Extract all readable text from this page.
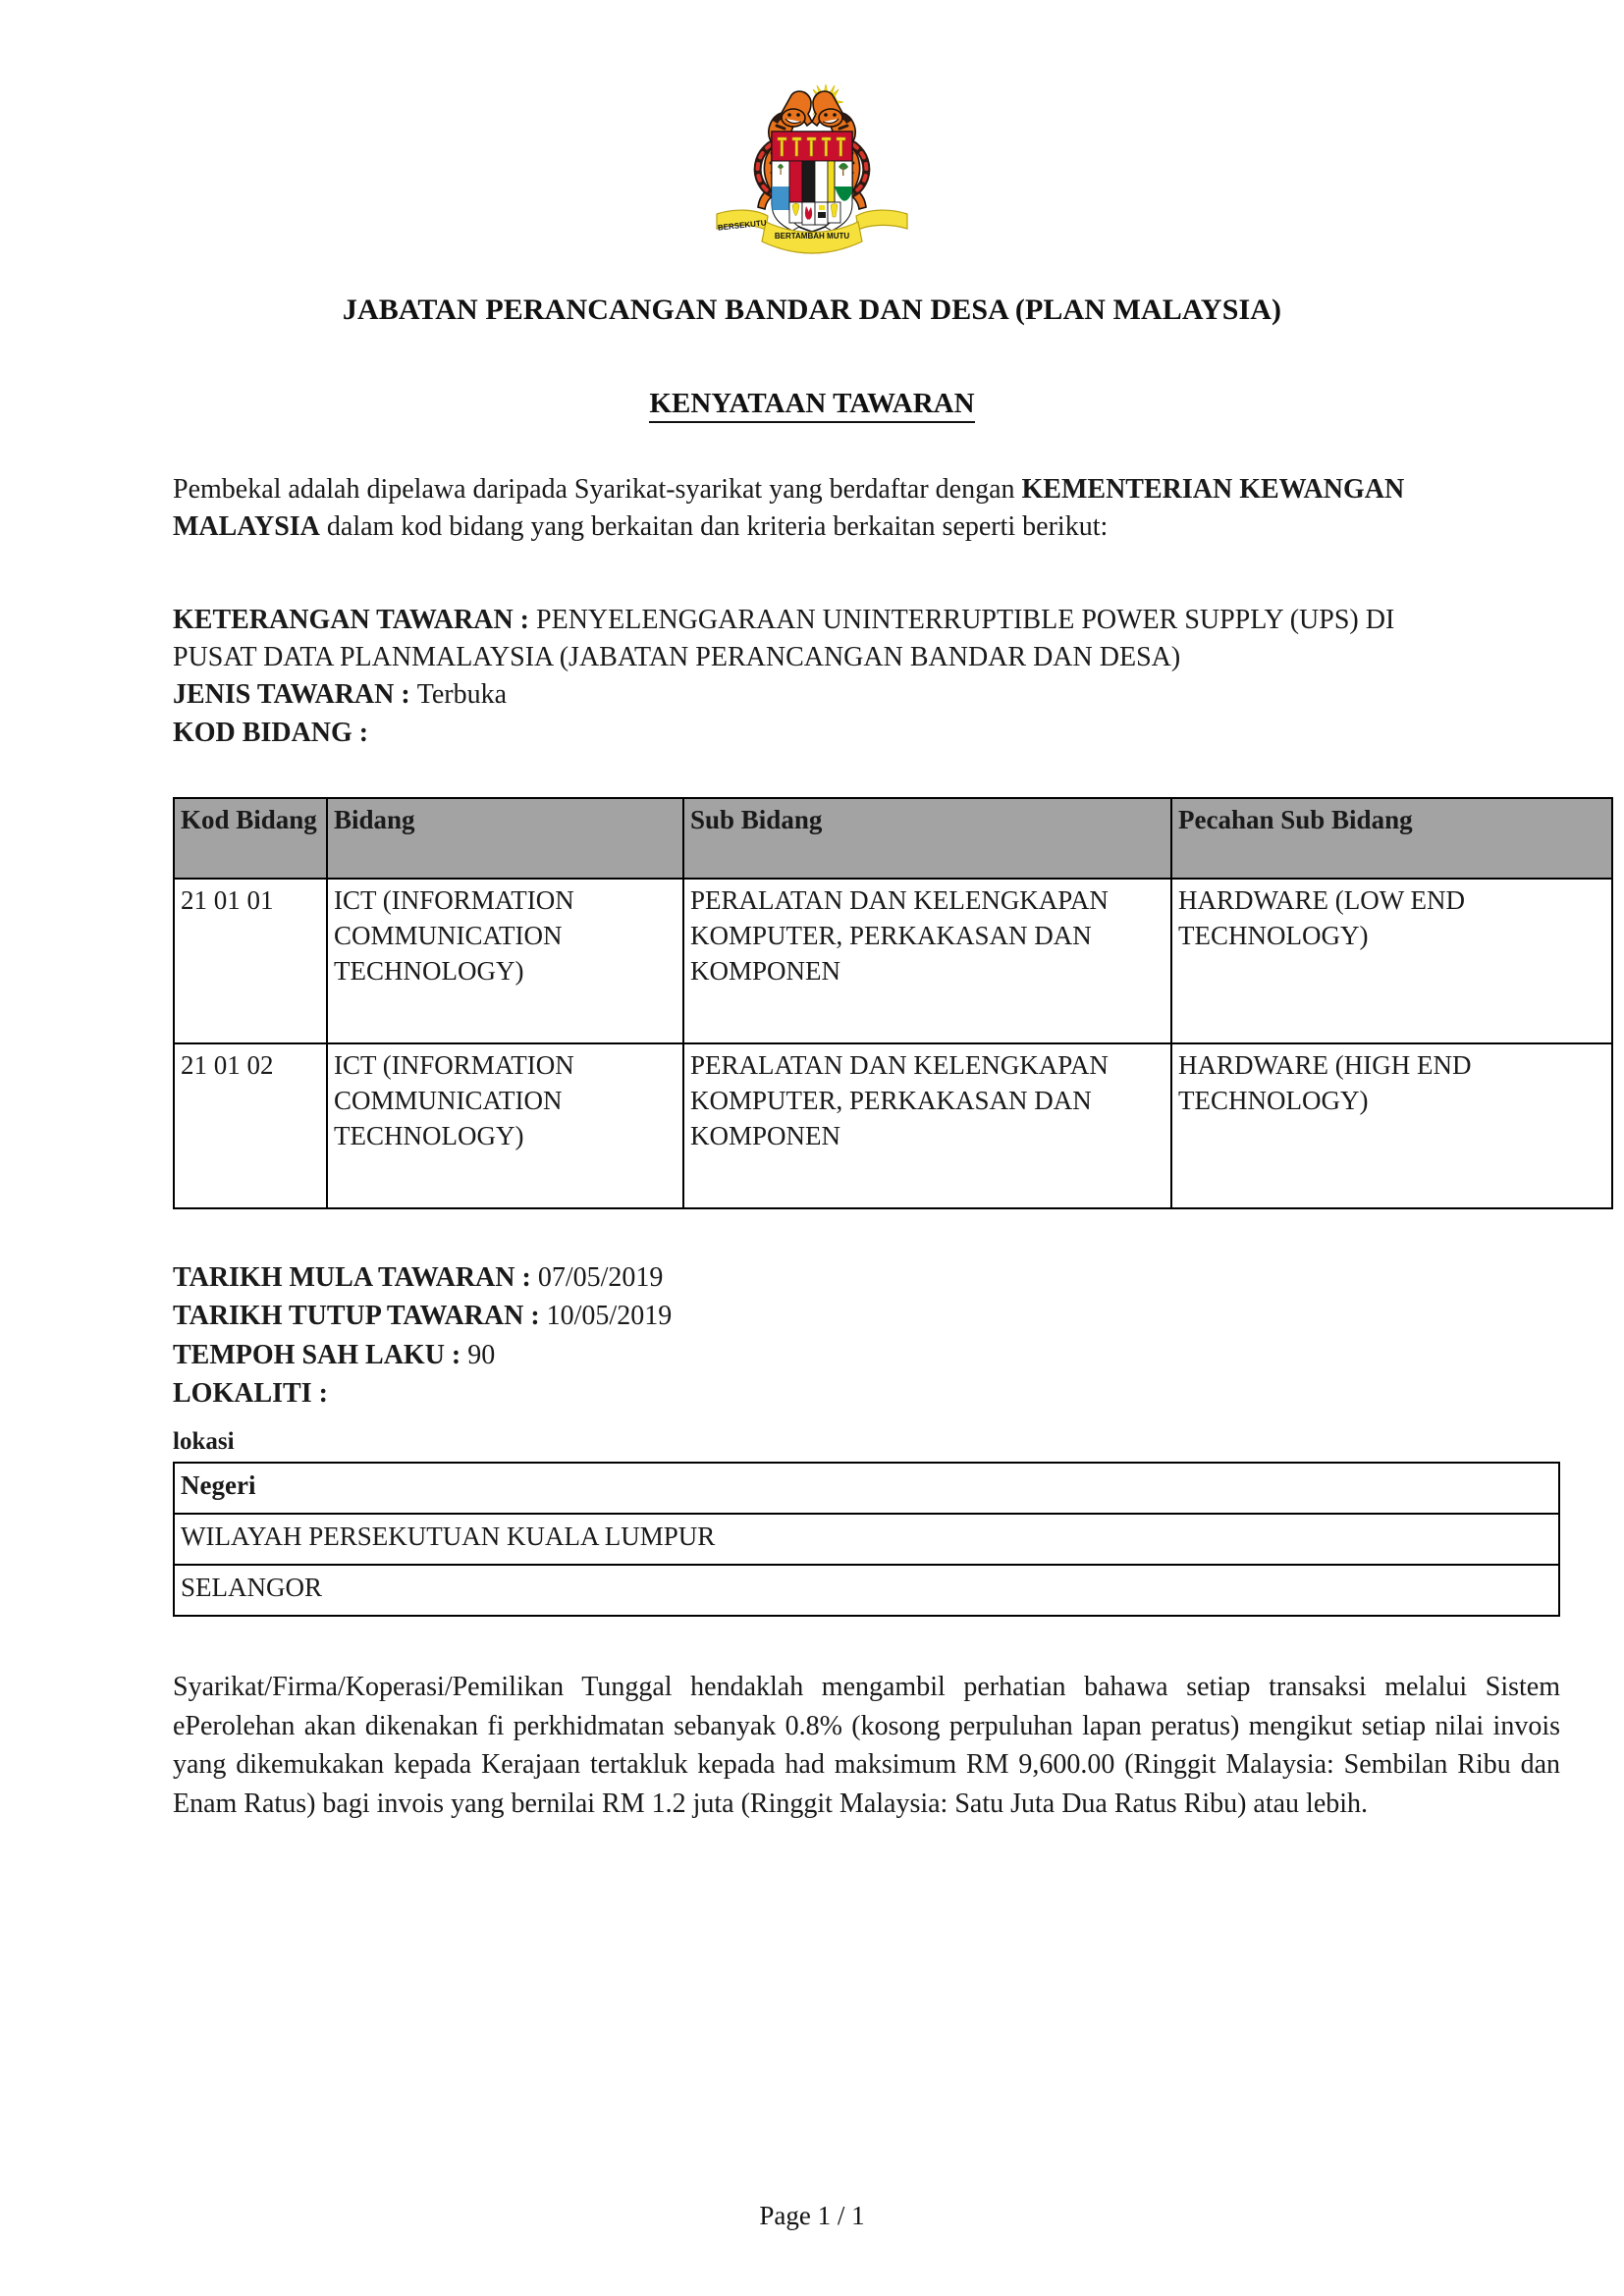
BERSEKUTU
BERTAMBAH MUTU
JABATAN PERANCANGAN BANDAR DAN DESA (PLAN MALAYSIA)
KENYATAAN TAWARAN

Pembekal adalah dipelawa daripada Syarikat-syarikat yang berdaftar dengan KEMENTERIAN KEWANGAN MALAYSIA dalam kod bidang yang berkaitan dan kriteria berkaitan seperti berikut:

KETERANGAN TAWARAN : PENYELENGGARAAN UNINTERRUPTIBLE POWER SUPPLY (UPS) DI PUSAT DATA PLANMALAYSIA (JABATAN PERANCANGAN BANDAR DAN DESA)
JENIS TAWARAN : Terbuka
KOD BIDANG :
Kod Bidang	Bidang	Sub Bidang	Pecahan Sub Bidang
21 01 01	ICT (INFORMATION COMMUNICATION TECHNOLOGY)	PERALATAN DAN KELENGKAPAN KOMPUTER, PERKAKASAN DAN KOMPONEN	HARDWARE (LOW END TECHNOLOGY)
21 01 02	ICT (INFORMATION COMMUNICATION TECHNOLOGY)	PERALATAN DAN KELENGKAPAN KOMPUTER, PERKAKASAN DAN KOMPONEN	HARDWARE (HIGH END TECHNOLOGY)
TARIKH MULA TAWARAN : 07/05/2019
TARIKH TUTUP TAWARAN : 10/05/2019
TEMPOH SAH LAKU : 90
LOKALITI :
lokasi
Negeri
WILAYAH PERSEKUTUAN KUALA LUMPUR
SELANGOR

Syarikat/Firma/Koperasi/Pemilikan Tunggal hendaklah mengambil perhatian bahawa setiap transaksi melalui Sistem ePerolehan akan dikenakan fi perkhidmatan sebanyak 0.8% (kosong perpuluhan lapan peratus) mengikut setiap nilai invois yang dikemukakan kepada Kerajaan tertakluk kepada had maksimum RM 9,600.00 (Ringgit Malaysia: Sembilan Ribu dan Enam Ratus) bagi invois yang bernilai RM 1.2 juta (Ringgit Malaysia: Satu Juta Dua Ratus Ribu) atau lebih.

Page 1 / 1
